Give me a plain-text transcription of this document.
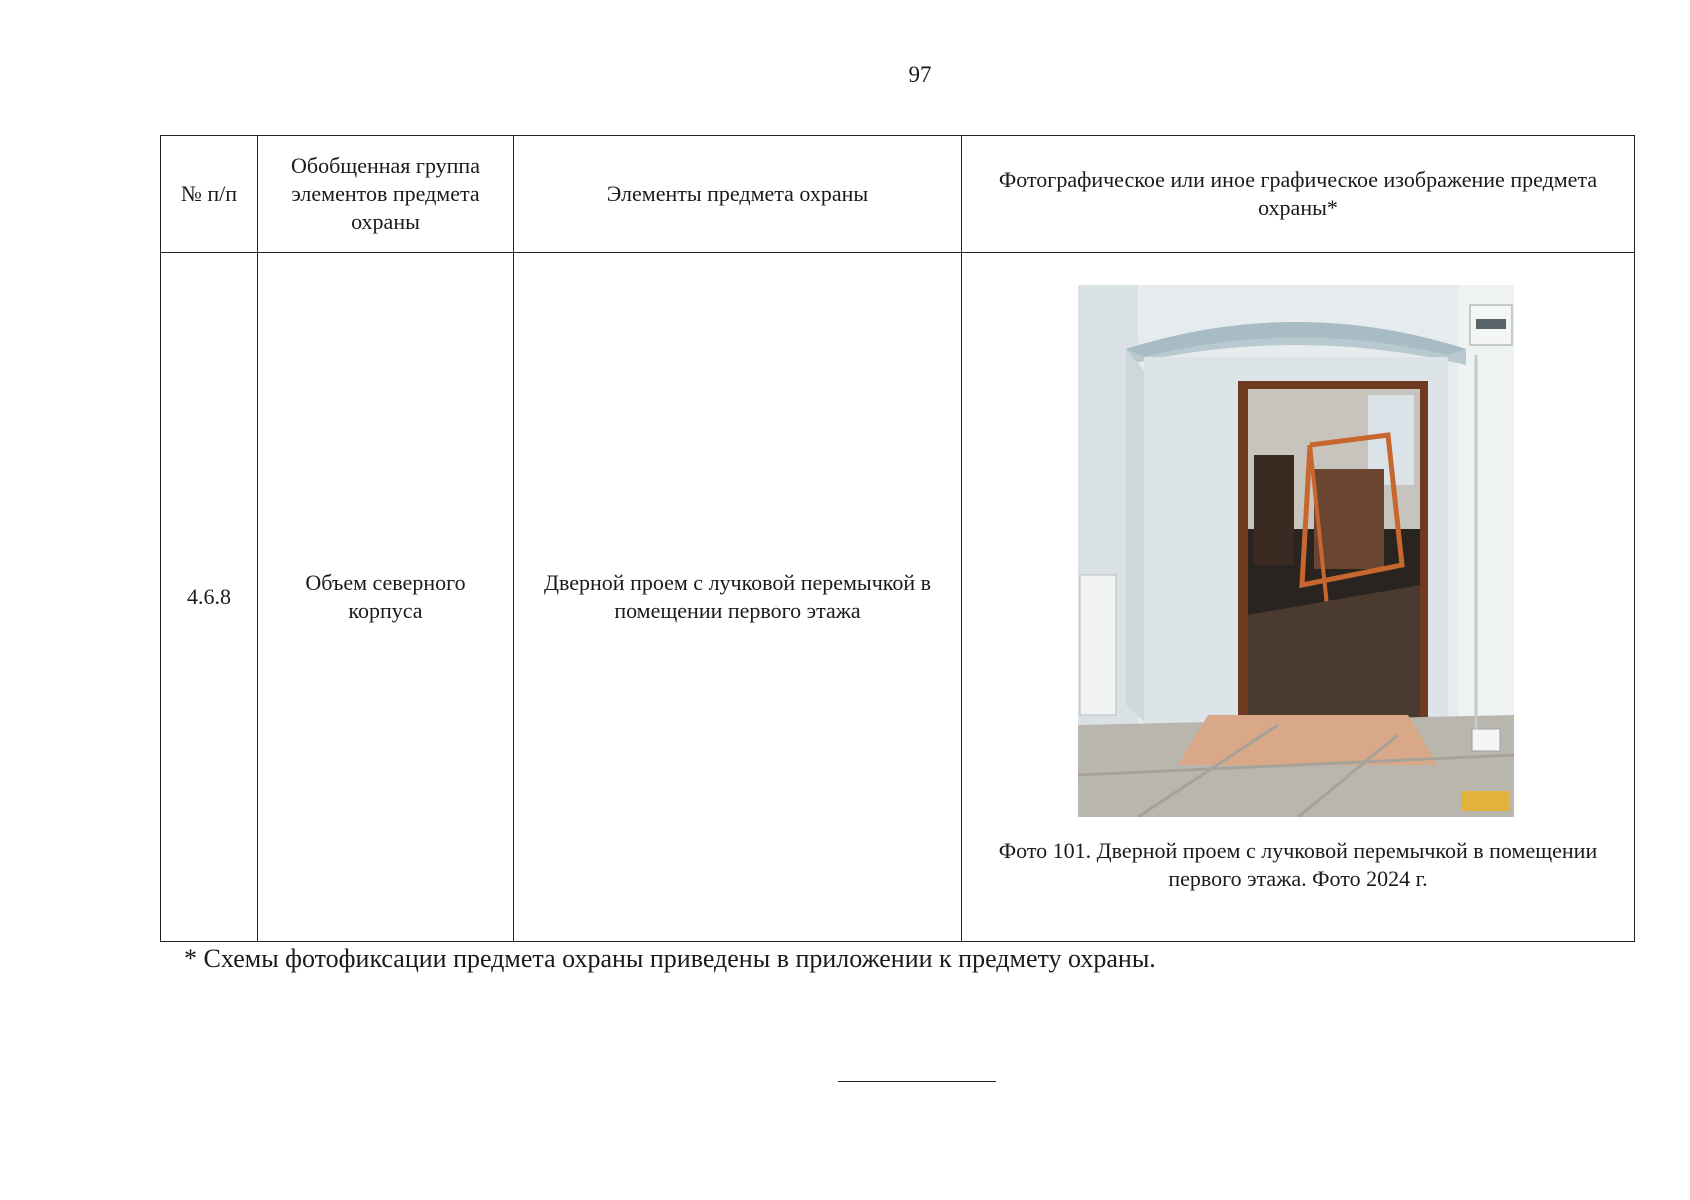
97
№ п/п	Обобщенная группа элементов предмета охраны	Элементы предмета охраны	Фотографическое или иное графическое изображение предмета охраны*
4.6.8	Объем северного корпуса	Дверной проем с лучковой перемычкой в помещении первого этажа	Фото 101. Дверной проем с лучковой перемычкой в помещении первого этажа. Фото 2024 г.
* Схемы фотофиксации предмета охраны приведены в приложении к предмету охраны.
